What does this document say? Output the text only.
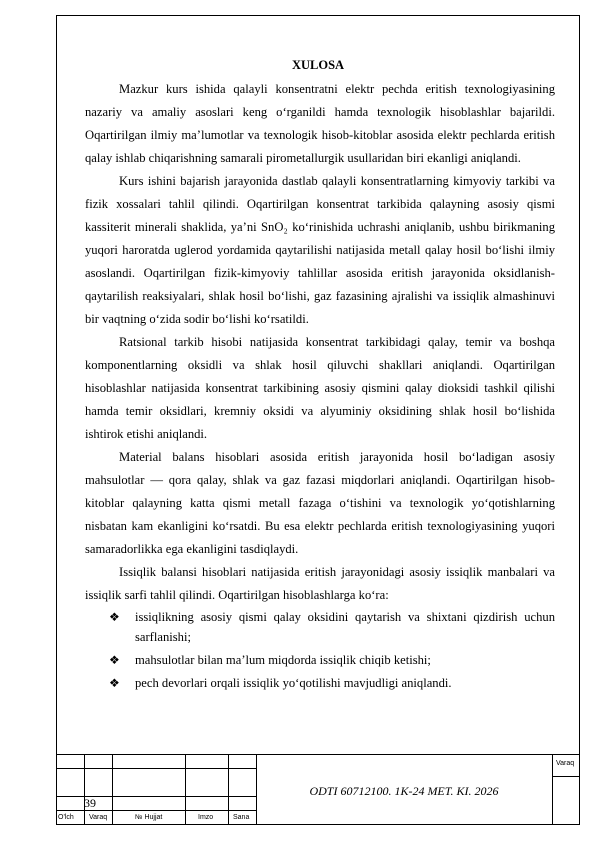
XULOSA

Mazkur kurs ishida qalayli konsentratni elektr pechda eritish texnologiyasining nazariy va amaliy asoslari keng o‘rganildi hamda texnologik hisoblashlar bajarildi. Oqartirilgan ilmiy ma’lumotlar va texnologik hisob-kitoblar asosida elektr pechlarda eritish qalay ishlab chiqarishning samarali pirometallurgik usullaridan biri ekanligi aniqlandi.

Kurs ishini bajarish jarayonida dastlab qalayli konsentratlarning kimyoviy tarkibi va fizik xossalari tahlil qilindi. Oqartirilgan konsentrat tarkibida qalayning asosiy qismi kassiterit minerali shaklida, ya’ni SnO₂ ko‘rinishida uchrashi aniqlanib, ushbu birikmaning yuqori haroratda uglerod yordamida qaytarilishi natijasida metall qalay hosil bo‘lishi ilmiy asoslandi. Oqartirilgan fizik-kimyoviy tahlillar asosida eritish jarayonida oksidlanish-qaytarilish reaksiyalari, shlak hosil bo‘lishi, gaz fazasining ajralishi va issiqlik almashinuvi bir vaqtning o‘zida sodir bo‘lishi ko‘rsatildi.

Ratsional tarkib hisobi natijasida konsentrat tarkibidagi qalay, temir va boshqa komponentlarning oksidli va shlak hosil qiluvchi shakllari aniqlandi. Oqartirilgan hisoblashlar natijasida konsentrat tarkibining asosiy qismini qalay dioksidi tashkil qilishi hamda temir oksidlari, kremniy oksidi va alyuminiy oksidining shlak hosil bo‘lishida ishtirok etishi aniqlandi.

Material balans hisoblari asosida eritish jarayonida hosil bo‘ladigan asosiy mahsulotlar — qora qalay, shlak va gaz fazasi miqdorlari aniqlandi. Oqartirilgan hisob-kitoblar qalayning katta qismi metall fazaga o‘tishini va texnologik yo‘qotishlarning nisbatan kam ekanligini ko‘rsatdi. Bu esa elektr pechlarda eritish texnologiyasining yuqori samaradorlikka ega ekanligini tasdiqlaydi.

Issiqlik balansi hisoblari natijasida eritish jarayonidagi asosiy issiqlik manbalari va issiqlik sarfi tahlil qilindi. Oqartirilgan hisoblashlarga ko‘ra:

❖ issiqlikning asosiy qismi qalay oksidini qaytarish va shixtani qizdirish uchun sarflanishi;
❖ mahsulotlar bilan ma’lum miqdorda issiqlik chiqib ketishi;
❖ pech devorlari orqali issiqlik yo‘qotilishi mavjudligi aniqlandi.
Varaq
ODTI 60712100. 1K-24 MET. KI. 2026
39
O'lch Varaq	№ Hujjat	Imzo	Sana
